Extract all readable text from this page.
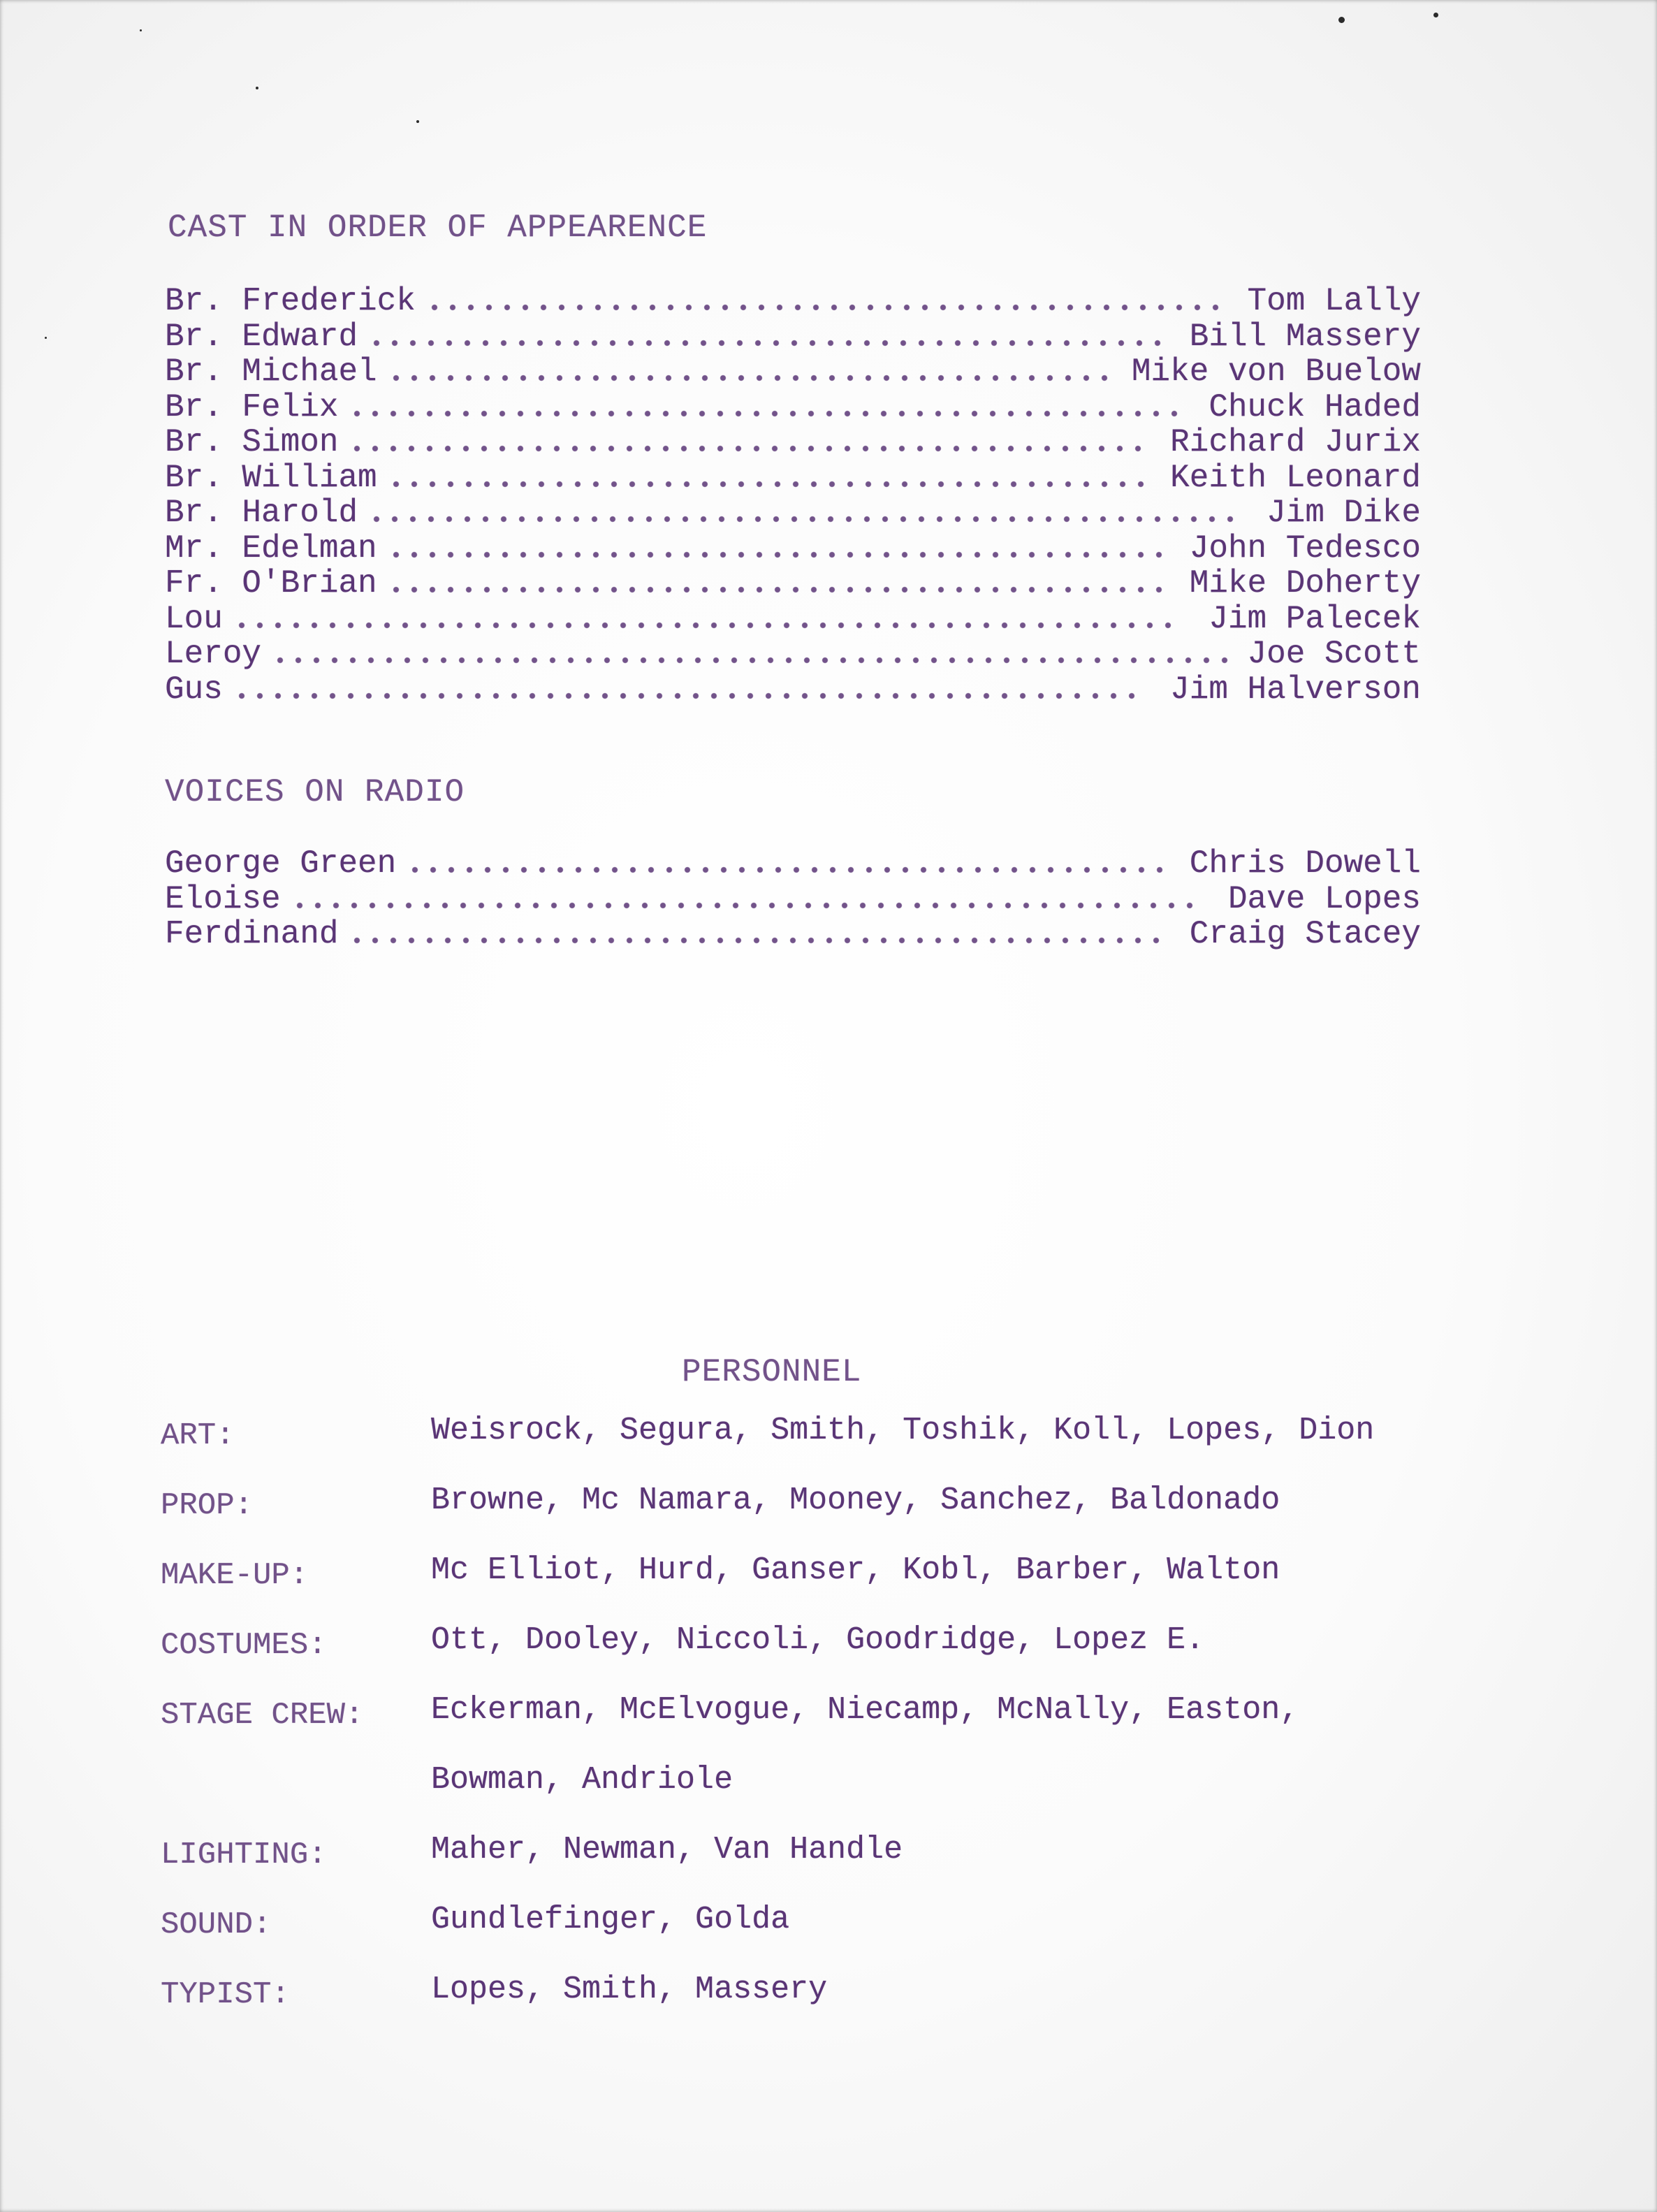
CAST IN ORDER OF APPEARENCE
Br. Frederick	Tom Lally
Br. Edward	Bill Massery
Br. Michael	Mike von Buelow
Br. Felix	Chuck Haded
Br. Simon	Richard Jurix
Br. William	Keith Leonard
Br. Harold	Jim Dike
Mr. Edelman	John Tedesco
Fr. O'Brian	Mike Doherty
Lou	Jim Palecek
Leroy	Joe Scott
Gus	Jim Halverson
VOICES ON RADIO
George Green	Chris Dowell
Eloise	Dave Lopes
Ferdinand	Craig Stacey
PERSONNEL
ART:	Weisrock, Segura, Smith, Toshik, Koll, Lopes, Dion
PROP:	Browne, Mc Namara, Mooney, Sanchez, Baldonado
MAKE-UP:	Mc Elliot, Hurd, Ganser, Kobl, Barber, Walton
COSTUMES:	Ott, Dooley, Niccoli, Goodridge, Lopez E.
STAGE CREW: Eckerman, McElvogue, Niecamp, McNally, Easton,
Bowman, Andriole
LIGHTING:	Maher, Newman, Van Handle
SOUND:	Gundlefinger, Golda
TYPIST:	Lopes, Smith, Massery
